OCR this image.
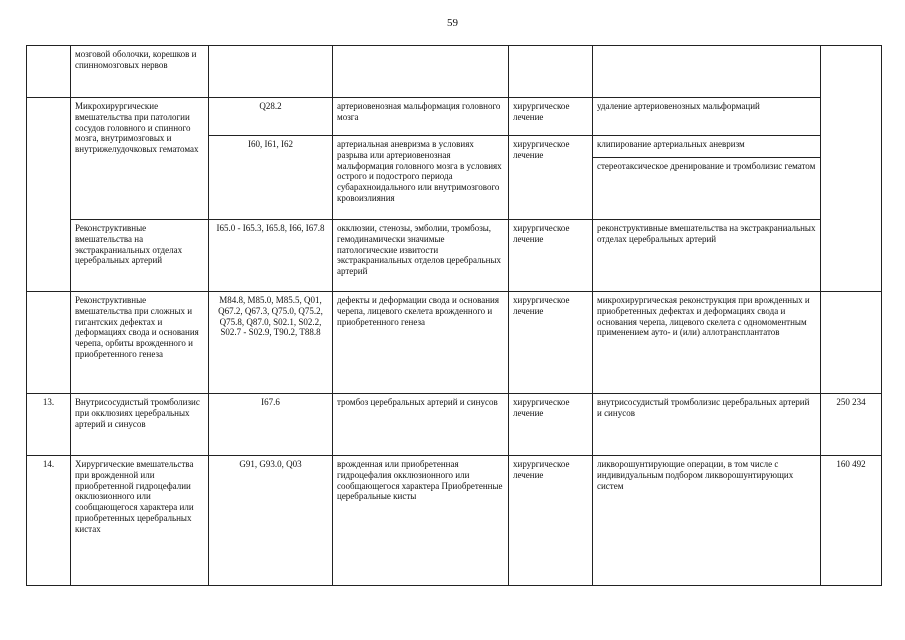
59
	мозговой оболочки, корешков и спинномозговых нервов					
	Микрохирургические вмешательства при патологии сосудов головного и спинного мозга, внутримозговых и внутрижелудочковых гематомах	Q28.2	артериовенозная мальформация головного мозга	хирургическое лечение	удаление артериовенозных мальформаций	
		I60, I61, I62	артериальная аневризма в условиях разрыва или артериовенозная мальформация головного мозга в условиях острого и подострого периода субарахноидального или внутримозгового кровоизлияния	хирургическое лечение	клипирование артериальных аневризм	
					стереотаксическое дренирование и тромболизис гематом	
	Реконструктивные вмешательства на экстракраниальных отделах церебральных артерий	I65.0 - I65.3, I65.8, I66, I67.8	окклюзии, стенозы, эмболии, тромбозы, гемодинамически значимые патологические извитости экстракраниальных отделов церебральных артерий	хирургическое лечение	реконструктивные вмешательства на экстракраниальных отделах церебральных артерий	
	Реконструктивные вмешательства при сложных и гигантских дефектах и деформациях свода и основания черепа, орбиты врожденного и приобретенного генеза	M84.8, M85.0, M85.5, Q01, Q67.2, Q67.3, Q75.0, Q75.2, Q75.8, Q87.0, S02.1, S02.2, S02.7 - S02.9, T90.2, T88.8	дефекты и деформации свода и основания черепа, лицевого скелета врожденного и приобретенного генеза	хирургическое лечение	микрохирургическая реконструкция при врожденных и приобретенных дефектах и деформациях свода и основания черепа, лицевого скелета с одномоментным применением ауто- и (или) аллотрансплантатов	
13.	Внутрисосудистый тромболизис при окклюзиях церебральных артерий и синусов	I67.6	тромбоз церебральных артерий и синусов	хирургическое лечение	внутрисосудистый тромболизис церебральных артерий и синусов	250 234
14.	Хирургические вмешательства при врожденной или приобретенной гидроцефалии окклюзионного или сообщающегося характера или приобретенных церебральных кистах	G91, G93.0, Q03	врожденная или приобретенная гидроцефалия окклюзионного или сообщающегося характера Приобретенные церебральные кисты	хирургическое лечение	ликворошунтирующие операции, в том числе с индивидуальным подбором ликворошунтирующих систем	160 492
